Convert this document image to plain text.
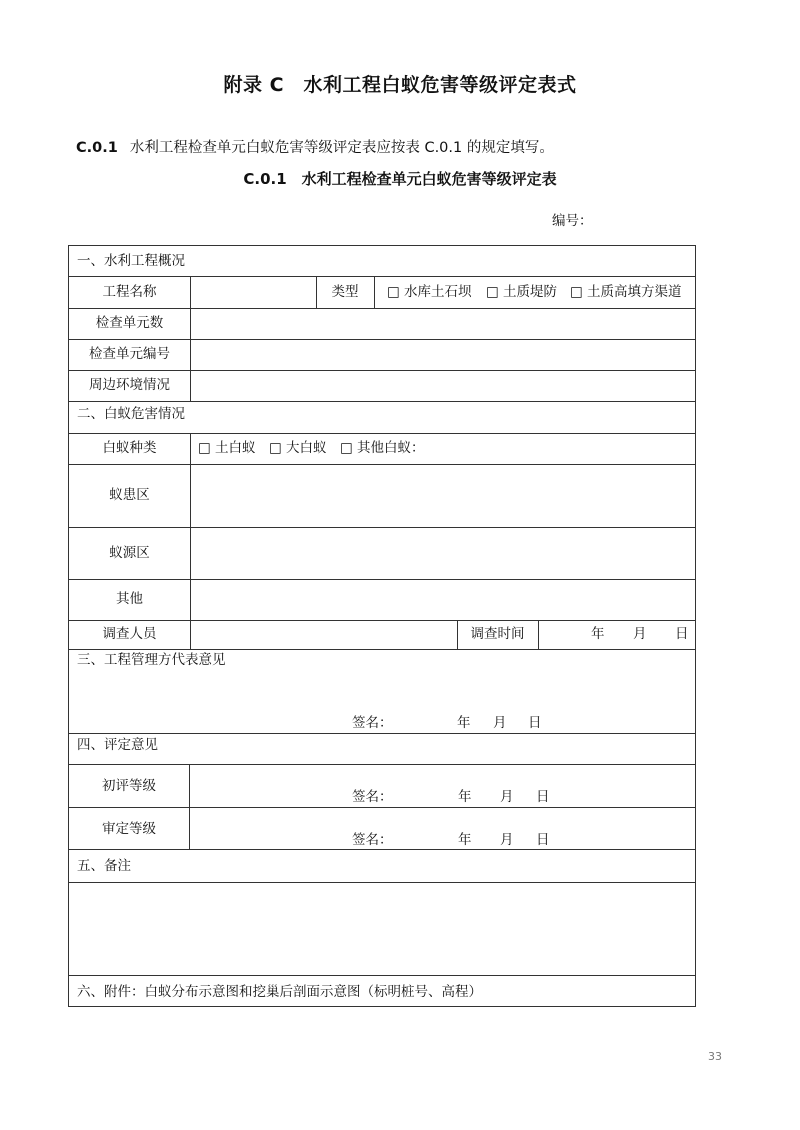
附录 C　水利工程白蚁危害等级评定表式
C.0.1 水利工程检查单元白蚁危害等级评定表应按表 C.0.1 的规定填写。
C.0.1　水利工程检查单元白蚁危害等级评定表
编号：
一、水利工程概况
工程名称	类型	□ 水库土石坝 □ 土质堤防 □ 土质高填方渠道
检查单元数
检查单元编号
周边环境情况
二、白蚁危害情况
白蚁种类	□ 土白蚁 □ 大白蚁 □ 其他白蚁：
蚁患区
蚁源区
其他
调查人员	调查时间	年 月 日
三、工程管理方代表意见
签名：	年 月 日
四、评定意见
初评等级
签名：	年 月 日
审定等级
签名：	年 月 日
五、备注
六、附件：白蚁分布示意图和挖巢后剖面示意图（标明桩号、高程）
33
